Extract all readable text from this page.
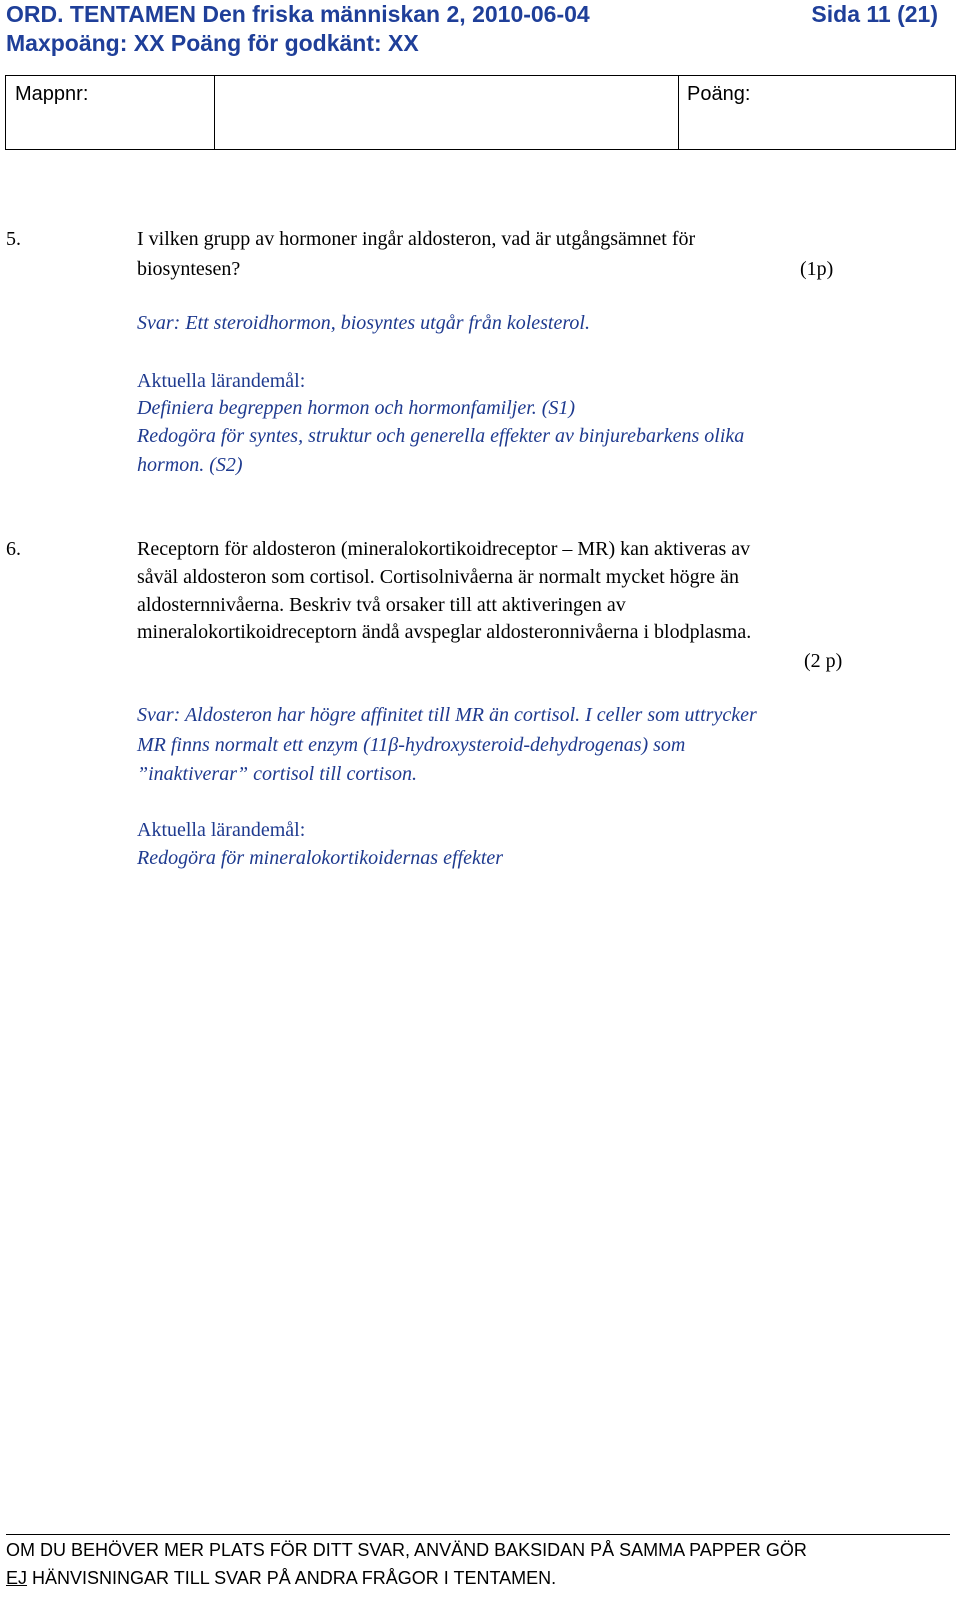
ORD. TENTAMEN Den friska människan 2, 2010-06-04	Sida 11 (21)
Maxpoäng: XX Poäng för godkänt: XX
Mappnr:	Poäng:
5.	I vilken grupp av hormoner ingår aldosteron, vad är utgångsämnet för
biosyntesen?	(1p)
Svar: Ett steroidhormon, biosyntes utgår från kolesterol.
Aktuella lärandemål:
Definiera begreppen hormon och hormonfamiljer. (S1)
Redogöra för syntes, struktur och generella effekter av binjurebarkens olika
hormon. (S2)
6.	Receptorn för aldosteron (mineralokortikoidreceptor – MR) kan aktiveras av
såväl aldosteron som cortisol. Cortisolnivåerna är normalt mycket högre än
aldosternnivåerna. Beskriv två orsaker till att aktiveringen av
mineralokortikoidreceptorn ändå avspeglar aldosteronnivåerna i blodplasma.
(2 p)
Svar: Aldosteron har högre affinitet till MR än cortisol. I celler som uttrycker
MR finns normalt ett enzym (11β-hydroxysteroid-dehydrogenas) som
”inaktiverar” cortisol till cortison.
Aktuella lärandemål:
Redogöra för mineralokortikoidernas effekter
OM DU BEHÖVER MER PLATS FÖR DITT SVAR, ANVÄND BAKSIDAN PÅ SAMMA PAPPER GÖR
EJ HÄNVISNINGAR TILL SVAR PÅ ANDRA FRÅGOR I TENTAMEN.
